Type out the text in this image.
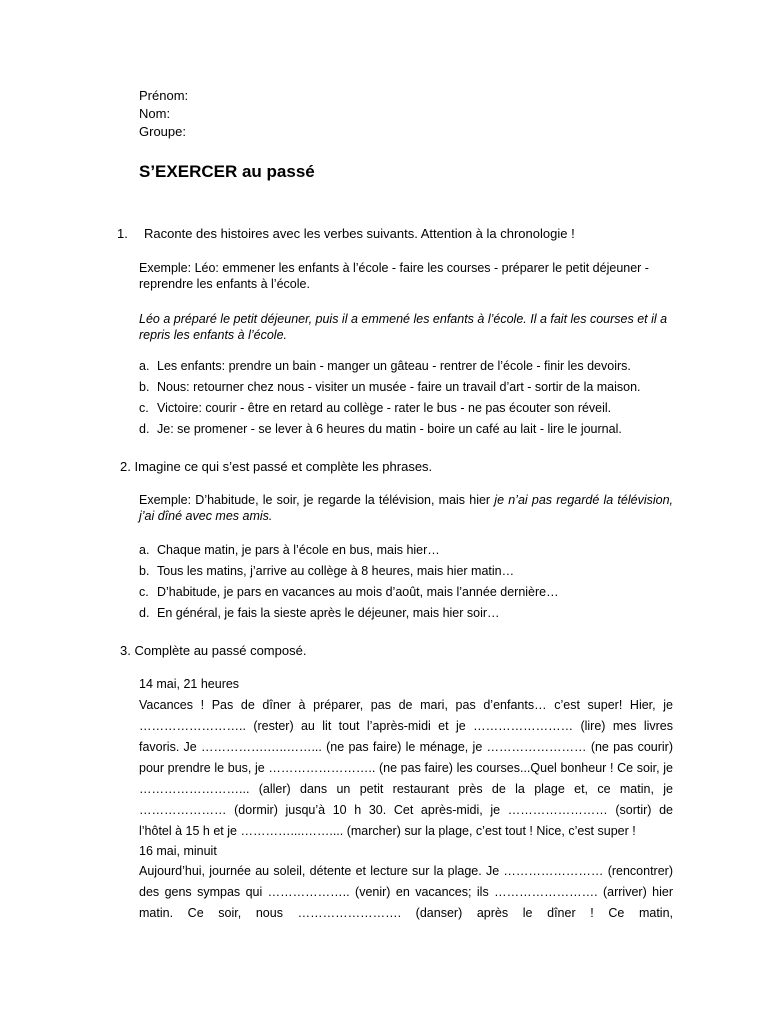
Prénom:
Nom:
Groupe:
S’EXERCER au passé
1. Raconte des histoires avec les verbes suivants. Attention à la chronologie !
Exemple: Léo: emmener les enfants à l’école - faire les courses - préparer le petit déjeuner - reprendre les enfants à l’école.
Léo a préparé le petit déjeuner, puis il a emmené les enfants à l’école. Il a fait les courses et il a repris les enfants à l’école.
a. Les enfants: prendre un bain - manger un gâteau - rentrer de l’école - finir les devoirs.
b. Nous: retourner chez nous - visiter un musée - faire un travail d’art - sortir de la maison.
c. Victoire: courir - être en retard au collège - rater le bus - ne pas écouter son réveil.
d. Je: se promener - se lever à 6 heures du matin - boire un café au lait - lire le journal.
2. Imagine ce qui s’est passé et complète les phrases.
Exemple: D’habitude, le soir, je regarde la télévision, mais hier je n’ai pas regardé la télévision, j’ai dîné avec mes amis.
a. Chaque matin, je pars à l’école en bus, mais hier…
b. Tous les matins, j’arrive au collège à 8 heures, mais hier matin…
c. D’habitude, je pars en vacances au mois d’août, mais l’année dernière…
d. En général, je fais la sieste après le déjeuner, mais hier soir…
3. Complète au passé composé.
14 mai, 21 heures
Vacances ! Pas de dîner à préparer, pas de mari, pas d’enfants… c’est super! Hier, je …………………….. (rester) au lit tout l’après-midi et je …………………… (lire) mes livres favoris. Je …………….…..……... (ne pas faire) le ménage, je …………………… (ne pas courir) pour prendre le bus, je …………………….. (ne pas faire) les courses...Quel bonheur ! Ce soir, je ……………………... (aller) dans un petit restaurant près de la plage et, ce matin, je ………………… (dormir) jusqu’à 10 h 30. Cet après-midi, je …………………… (sortir) de
l’hôtel à 15 h et je …………....…….... (marcher) sur la plage, c’est tout ! Nice, c’est super !
16 mai, minuit
Aujourd’hui, journée au soleil, détente et lecture sur la plage. Je …………………… (rencontrer) des gens sympas qui ……………….. (venir) en vacances; ils ……………………. (arriver) hier matin. Ce soir, nous ……………………. (danser) après le dîner ! Ce matin,
